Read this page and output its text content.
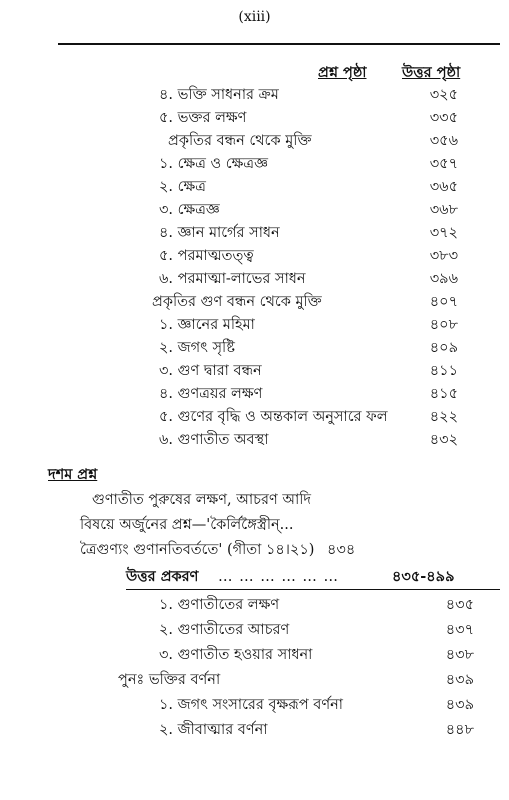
(xiii)
প্রশ্ন পৃষ্ঠা উত্তর পৃষ্ঠা
৪. ভক্তি সাধনার ক্রম	৩২৫
৫. ভক্তর লক্ষণ	৩৩৫
প্রকৃতির বন্ধন থেকে মুক্তি	৩৫৬
১. ক্ষেত্র ও ক্ষেত্রজ্ঞ	৩৫৭
২. ক্ষেত্র	৩৬৫
৩. ক্ষেত্রজ্ঞ	৩৬৮
৪. জ্ঞান মার্গের সাধন	৩৭২
৫. পরমাত্মতত্ত্ব	৩৮৩
৬. পরমাত্মা-লাভের সাধন	৩৯৬
প্রকৃতির গুণ বন্ধন থেকে মুক্তি	৪০৭
১. জ্ঞানের মহিমা	৪০৮
২. জগৎ সৃষ্টি	৪০৯
৩. গুণ দ্বারা বন্ধন	৪১১
৪. গুণত্রয়র লক্ষণ	৪১৫
৫. গুণের বৃদ্ধি ও অন্তকাল অনুসারে ফল	৪২২
৬. গুণাতীত অবস্থা	৪৩২
দশম প্রশ্ন
গুণাতীত পুরুষের লক্ষণ, আচরণ আদি
বিষয়ে অর্জুনের প্রশ্ন—'কৈর্লিঙ্গৈস্ত্রীন্...
ত্রৈগুণ্যং গুণানতিবর্ততে' (গীতা ১৪।২১) ৪৩৪
উত্তর প্রকরণ … … … … … …	৪৩৫-৪৯৯
১. গুণাতীতের লক্ষণ	৪৩৫
২. গুণাতীতের আচরণ	৪৩৭
৩. গুণাতীত হওয়ার সাধনা	৪৩৮
পুনঃ ভক্তির বর্ণনা	৪৩৯
১. জগৎ সংসারের বৃক্ষরূপ বর্ণনা	৪৩৯
২. জীবাত্মার বর্ণনা	৪৪৮
